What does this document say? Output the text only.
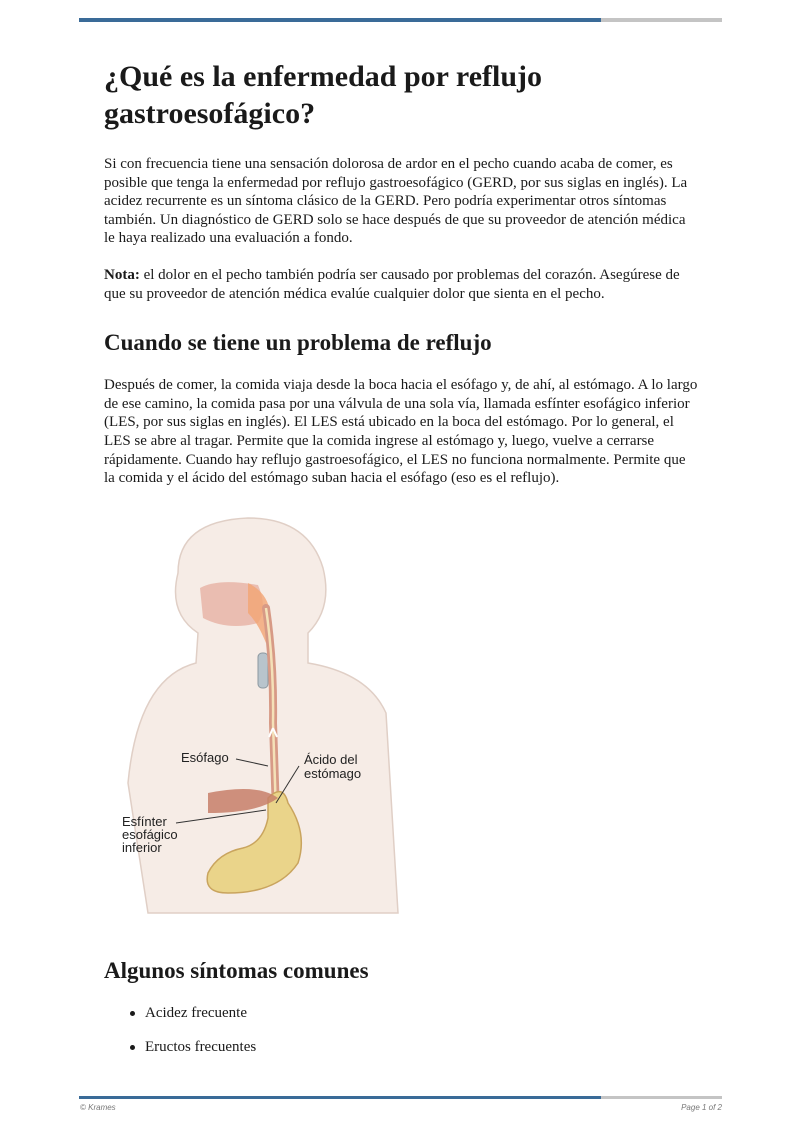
¿Qué es la enfermedad por reflujo gastroesofágico?

Si con frecuencia tiene una sensación dolorosa de ardor en el pecho cuando acaba de comer, es posible que tenga la enfermedad por reflujo gastroesofágico (GERD, por sus siglas en inglés). La acidez recurrente es un síntoma clásico de la GERD. Pero podría experimentar otros síntomas también. Un diagnóstico de GERD solo se hace después de que su proveedor de atención médica le haya realizado una evaluación a fondo.

Nota: el dolor en el pecho también podría ser causado por problemas del corazón. Asegúrese de que su proveedor de atención médica evalúe cualquier dolor que sienta en el pecho.

Cuando se tiene un problema de reflujo

Después de comer, la comida viaja desde la boca hacia el esófago y, de ahí, al estómago. A lo largo de ese camino, la comida pasa por una válvula de una sola vía, llamada esfínter esofágico inferior (LES, por sus siglas en inglés). El LES está ubicado en la boca del estómago. Por lo general, el LES se abre al tragar. Permite que la comida ingrese al estómago y, luego, vuelve a cerrarse rápidamente. Cuando hay reflujo gastroesofágico, el LES no funciona normalmente. Permite que la comida y el ácido del estómago suban hacia el esófago (eso es el reflujo).

Esófago	Ácido del
estómago
Esfínter
esofágico
inferior
Algunos síntomas comunes
Acidez frecuente
Eructos frecuentes
© Krames	Page 1 of 2
